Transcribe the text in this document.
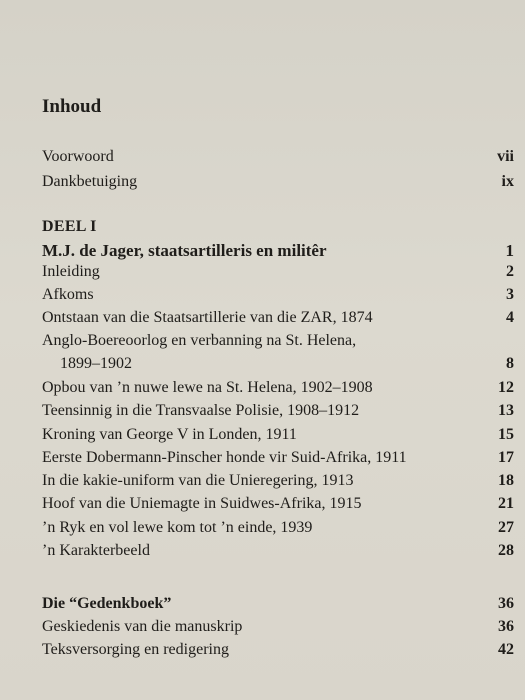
Inhoud
Voorwoord	vii
Dankbetuiging	ix
DEEL I
M.J. de Jager, staatsartilleris en militêr	1
Inleiding	2
Afkoms	3
Ontstaan van die Staatsartillerie van die ZAR, 1874	4
Anglo-Boereoorlog en verbanning na St. Helena,
1899–1902	8
Opbou van ’n nuwe lewe na St. Helena, 1902–1908	12
Teensinnig in die Transvaalse Polisie, 1908–1912	13
Kroning van George V in Londen, 1911	15
Eerste Dobermann-Pinscher honde vir Suid-Afrika, 1911	17
In die kakie-uniform van die Unieregering, 1913	18
Hoof van die Uniemagte in Suidwes-Afrika, 1915	21
’n Ryk en vol lewe kom tot ’n einde, 1939	27
’n Karakterbeeld	28
Die “Gedenkboek”	36
Geskiedenis van die manuskrip	36
Teksversorging en redigering	42
